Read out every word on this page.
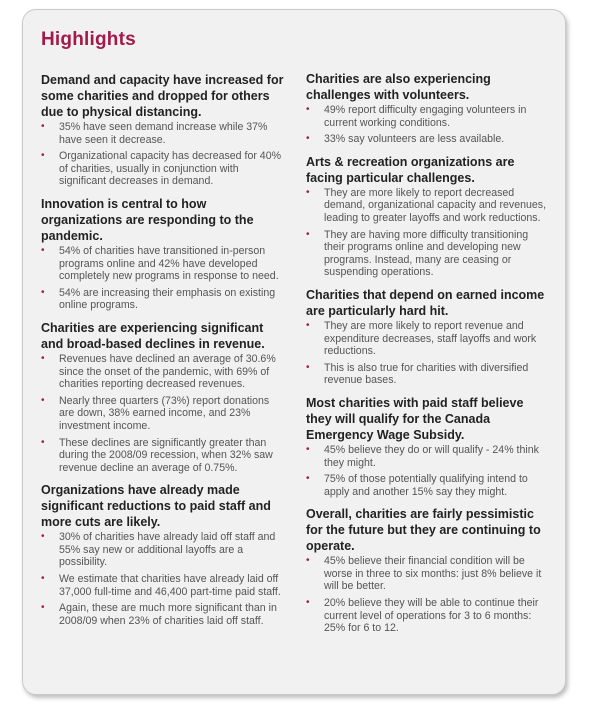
Highlights

Demand and capacity have increased for some charities and dropped for others due to physical distancing.

• 35% have seen demand increase while 37% have seen it decrease.
• Organizational capacity has decreased for 40% of charities, usually in conjunction with significant decreases in demand.

Innovation is central to how organizations are responding to the pandemic.

• 54% of charities have transitioned in-person programs online and 42% have developed completely new programs in response to need.
• 54% are increasing their emphasis on existing online programs.

Charities are experiencing significant and broad-based declines in revenue.

• Revenues have declined an average of 30.6% since the onset of the pandemic, with 69% of charities reporting decreased revenues.
• Nearly three quarters (73%) report donations are down, 38% earned income, and 23% investment income.
• These declines are significantly greater than during the 2008/09 recession, when 32% saw revenue decline an average of 0.75%.

Organizations have already made significant reductions to paid staff and more cuts are likely.

• 30% of charities have already laid off staff and 55% say new or additional layoffs are a possibility.
• We estimate that charities have already laid off 37,000 full-time and 46,400 part-time paid staff.
• Again, these are much more significant than in 2008/09 when 23% of charities laid off staff.

Charities are also experiencing challenges with volunteers.

• 49% report difficulty engaging volunteers in current working conditions.
• 33% say volunteers are less available.

Arts & recreation organizations are facing particular challenges.

• They are more likely to report decreased demand, organizational capacity and revenues, leading to greater layoffs and work reductions.
• They are having more difficulty transitioning their programs online and developing new programs. Instead, many are ceasing or suspending operations.

Charities that depend on earned income are particularly hard hit.

• They are more likely to report revenue and expenditure decreases, staff layoffs and work reductions.
• This is also true for charities with diversified revenue bases.

Most charities with paid staff believe they will qualify for the Canada Emergency Wage Subsidy.

• 45% believe they do or will qualify - 24% think they might.
• 75% of those potentially qualifying intend to apply and another 15% say they might.

Overall, charities are fairly pessimistic for the future but they are continuing to operate.

• 45% believe their financial condition will be worse in three to six months: just 8% believe it will be better.
• 20% believe they will be able to continue their current level of operations for 3 to 6 months: 25% for 6 to 12.
